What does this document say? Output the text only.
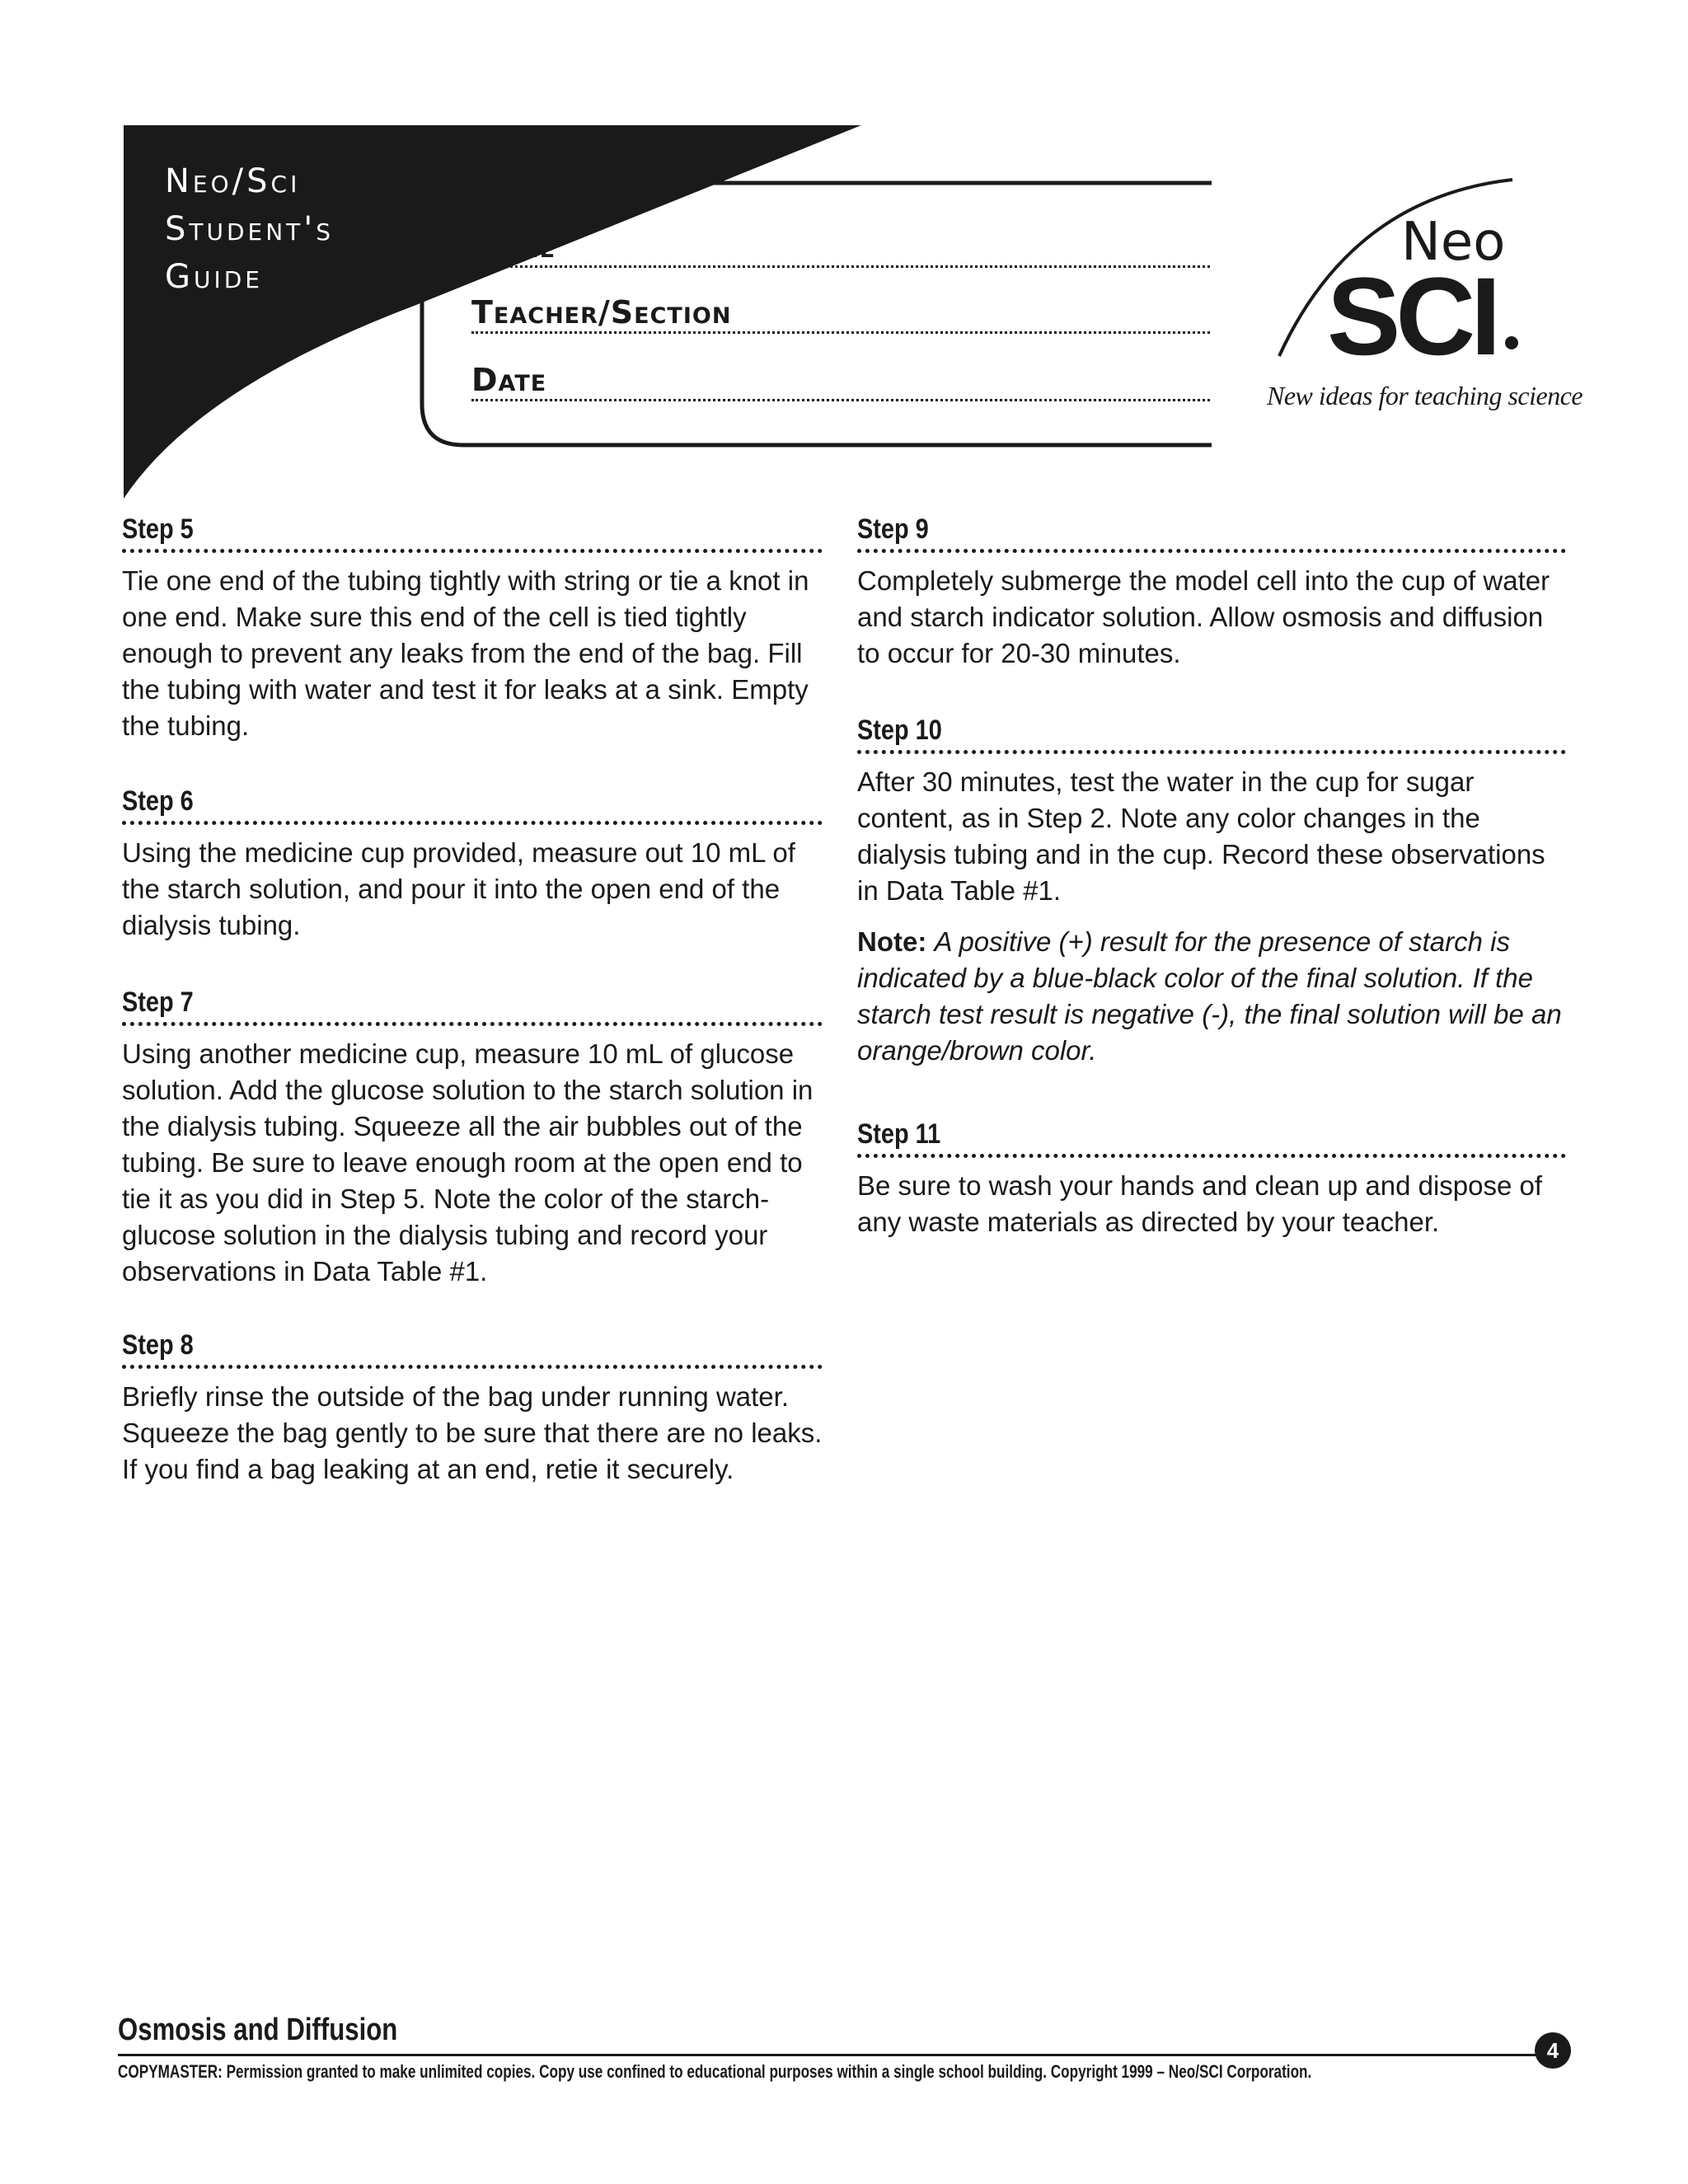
Neo/Sci
Student's
Guide
Name
Teacher/Section
Date
Neo
SCI
New ideas for teaching science
Step 5

Tie one end of the tubing tightly with string or tie a knot in one end. Make sure this end of the cell is tied tightly enough to prevent any leaks from the end of the bag. Fill the tubing with water and test it for leaks at a sink. Empty the tubing.

Step 6

Using the medicine cup provided, measure out 10 mL of the starch solution, and pour it into the open end of the dialysis tubing.

Step 7

Using another medicine cup, measure 10 mL of glucose solution. Add the glucose solution to the starch solution in the dialysis tubing. Squeeze all the air bubbles out of the tubing. Be sure to leave enough room at the open end to tie it as you did in Step 5. Note the color of the starch-glucose solution in the dialysis tubing and record your observations in Data Table #1.

Step 8

Briefly rinse the outside of the bag under running water. Squeeze the bag gently to be sure that there are no leaks. If you find a bag leaking at an end, retie it securely.

Step 9

Completely submerge the model cell into the cup of water and starch indicator solution. Allow osmosis and diffusion to occur for 20-30 minutes.

Step 10

After 30 minutes, test the water in the cup for sugar content, as in Step 2. Note any color changes in the dialysis tubing and in the cup. Record these observations in Data Table #1.

Note: A positive (+) result for the presence of starch is indicated by a blue-black color of the final solution. If the starch test result is negative (-), the final solution will be an orange/brown color.

Step 11

Be sure to wash your hands and clean up and dispose of any waste materials as directed by your teacher.

Osmosis and Diffusion
COPYMASTER: Permission granted to make unlimited copies. Copy use confined to educational purposes within a single school building. Copyright 1999 – Neo/SCI Corporation.
4
